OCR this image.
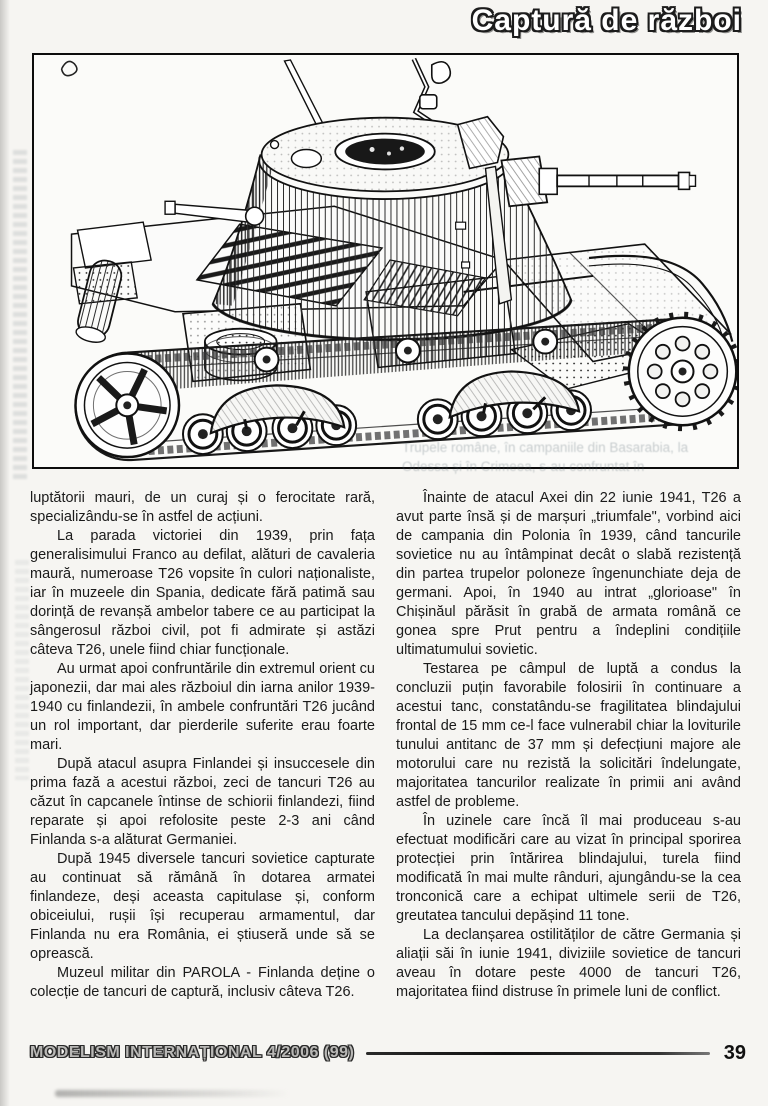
Captură de război

Trupele române, în campaniile din Basarabia, la

Odessa și în Crimeea, s-au confruntat în

luptătorii mauri, de un curaj și o ferocitate rară, specializându-se în astfel de acțiuni.

La parada victoriei din 1939, prin fața generalisimului Franco au defilat, alături de cavaleria maură, numeroase T26 vopsite în culori naționaliste, iar în muzeele din Spania, dedicate fără patimă sau dorință de revanșă ambelor tabere ce au participat la sângerosul război civil, pot fi admirate și astăzi câteva T26, unele fiind chiar funcționale.

Au urmat apoi confruntările din extremul orient cu japonezii, dar mai ales războiul din iarna anilor 1939-1940 cu finlandezii, în ambele confruntări T26 jucând un rol important, dar pierderile suferite erau foarte mari.

După atacul asupra Finlandei și insuccesele din prima fază a acestui război, zeci de tancuri T26 au căzut în capcanele întinse de schiorii finlandezi, fiind reparate și apoi refolosite peste 2-3 ani când Finlanda s-a alăturat Germaniei.

După 1945 diversele tancuri sovietice capturate au continuat să rămână în dotarea armatei finlandeze, deși aceasta capitulase și, conform obiceiului, rușii își recuperau armamentul, dar Finlanda nu era România, ei știuseră unde să se oprească.

Muzeul militar din PAROLA - Finlanda deține o colecție de tancuri de captură, inclusiv câteva T26.

Înainte de atacul Axei din 22 iunie 1941, T26 a avut parte însă și de marșuri „triumfale", vorbind aici de campania din Polonia în 1939, când tancurile sovietice nu au întâmpinat decât o slabă rezistență din partea trupelor poloneze îngenunchiate deja de germani. Apoi, în 1940 au intrat „glorioase" în Chișinăul părăsit în grabă de armata română ce gonea spre Prut pentru a îndeplini condițiile ultimatumului sovietic.

Testarea pe câmpul de luptă a condus la concluzii puțin favorabile folosirii în continuare a acestui tanc, constatându-se fragilitatea blindajului frontal de 15 mm ce-l face vulnerabil chiar la loviturile tunului antitanc de 37 mm și defecțiuni majore ale motorului care nu rezistă la solicitări îndelungate, majoritatea tancurilor realizate în primii ani având astfel de probleme.

În uzinele care încă îl mai produceau s-au efectuat modificări care au vizat în principal sporirea protecției prin întărirea blindajului, turela fiind modificată în mai multe rânduri, ajungându-se la cea tronconică care a echipat ultimele serii de T26, greutatea tancului depășind 11 tone.

La declanșarea ostilităților de către Germania și aliații săi în iunie 1941, diviziile sovietice de tancuri aveau în dotare peste 4000 de tancuri T26, majoritatea fiind distruse în primele luni de conflict.

MODELISM INTERNAȚIONAL 4/2006 (99)	39
